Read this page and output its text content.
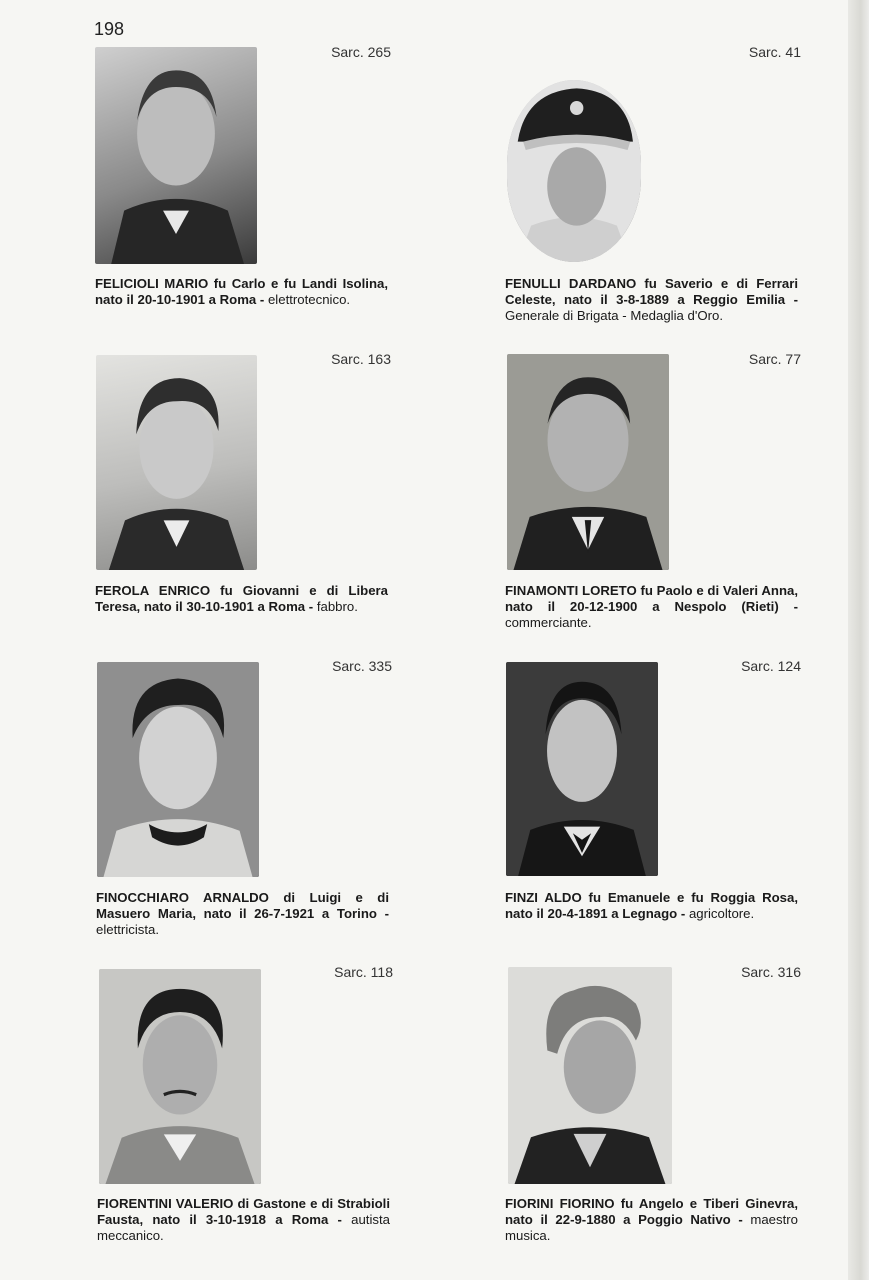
198
Sarc. 265
FELICIOLI MARIO fu Carlo e fu Landi Isolina, nato il 20-10-1901 a Roma - elettrotecnico.
Sarc. 41
FENULLI DARDANO fu Saverio e di Ferrari Celeste, nato il 3-8-1889 a Reggio Emilia - Generale di Brigata - Medaglia d'Oro.
Sarc. 163
FEROLA ENRICO fu Giovanni e di Libera Teresa, nato il 30-10-1901 a Roma - fabbro.
Sarc. 77
FINAMONTI LORETO fu Paolo e di Valeri Anna, nato il 20-12-1900 a Nespolo (Rieti) - commerciante.
Sarc. 335
FINOCCHIARO ARNALDO di Luigi e di Masuero Maria, nato il 26-7-1921 a Torino - elettricista.
Sarc. 124
FINZI ALDO fu Emanuele e fu Roggia Rosa, nato il 20-4-1891 a Legnago - agricoltore.
Sarc. 118
FIORENTINI VALERIO di Gastone e di Strabioli Fausta, nato il 3-10-1918 a Roma - autista meccanico.
Sarc. 316
FIORINI FIORINO fu Angelo e Tiberi Ginevra, nato il 22-9-1880 a Poggio Nativo - maestro musica.
